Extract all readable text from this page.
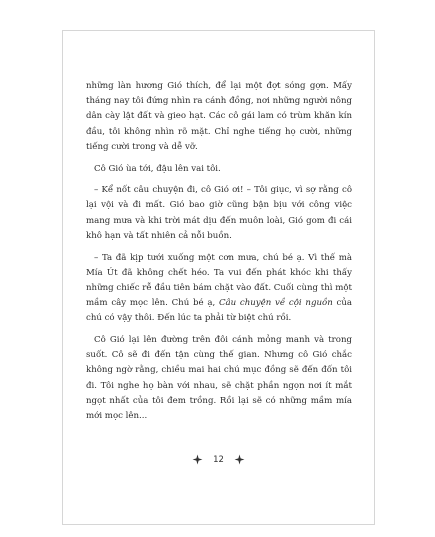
những làn hương Gió thích, để lại một đợt sóng gợn. Mấy tháng nay tôi đứng nhìn ra cánh đồng, nơi những người nông dân cày lật đất và gieo hạt. Các cô gái lam có trùm khăn kín đầu, tôi không nhìn rõ mặt. Chỉ nghe tiếng họ cười, những tiếng cười trong và dễ vỡ.

Cô Gió ùa tới, đậu lên vai tôi.

– Kể nốt câu chuyện đi, cô Gió ơi! – Tôi giục, vì sợ rằng cô lại vội và đi mất. Gió bao giờ cũng bận bịu với công việc mang mưa và khi trời mát dịu đến muôn loài, Gió gom đi cái khô hạn và tất nhiên cả nỗi buồn.

– Ta đã kịp tưới xuống một cơn mưa, chú bé ạ. Vì thế mà Mía Út đã không chết héo. Ta vui đến phát khóc khi thấy những chiếc rễ đầu tiên bám chặt vào đất. Cuối cùng thì một mầm cây mọc lên. Chú bé ạ, Câu chuyện về cội nguồn của chú có vậy thôi. Đến lúc ta phải từ biệt chú rồi.

Cô Gió lại lên đường trên đôi cánh mỏng manh và trong suốt. Cô sẽ đi đến tận cùng thế gian. Nhưng cô Gió chắc không ngờ rằng, chiều mai hai chú mục đồng sẽ đến đốn tôi đi. Tôi nghe họ bàn với nhau, sẽ chặt phần ngọn nơi ít mắt ngọt nhất của tôi đem trồng. Rồi lại sẽ có những mầm mía mới mọc lên...

12
